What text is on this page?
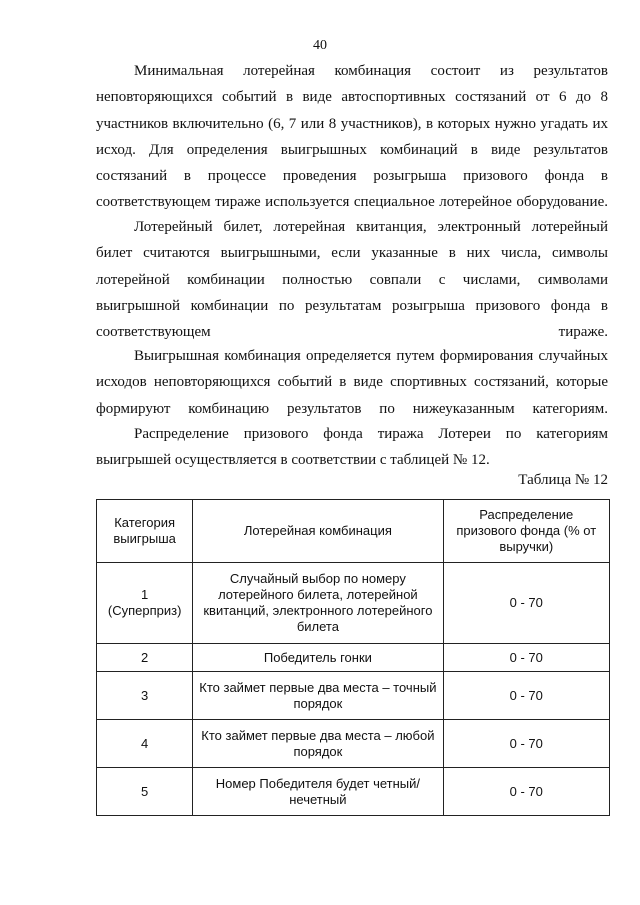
40
Минимальная лотерейная комбинация состоит из результатов неповторяющихся событий в виде автоспортивных состязаний от 6 до 8 участников включительно (6, 7 или 8 участников), в которых нужно угадать их исход. Для определения выигрышных комбинаций в виде результатов состязаний в процессе проведения розыгрыша призового фонда в соответствующем тираже используется специальное лотерейное оборудование.
Лотерейный билет, лотерейная квитанция, электронный лотерейный билет считаются выигрышными, если указанные в них числа, символы лотерейной комбинации полностью совпали с числами, символами выигрышной комбинации по результатам розыгрыша призового фонда в соответствующем тираже.
Выигрышная комбинация определяется путем формирования случайных исходов неповторяющихся событий в виде спортивных состязаний, которые формируют комбинацию результатов по нижеуказанным категориям.
Распределение призового фонда тиража Лотереи по категориям выигрышей осуществляется в соответствии с таблицей № 12.
Таблица № 12
Категория выигрыша	Лотерейная комбинация	Распределение призового фонда (% от выручки)
1 (Суперприз)	Случайный выбор по номеру лотерейного билета, лотерейной квитанций, электронного лотерейного билета	0 - 70
2	Победитель гонки	0 - 70
3	Кто займет первые два места – точный порядок	0 - 70
4	Кто займет первые два места – любой порядок	0 - 70
5	Номер Победителя будет четный/нечетный	0 - 70
